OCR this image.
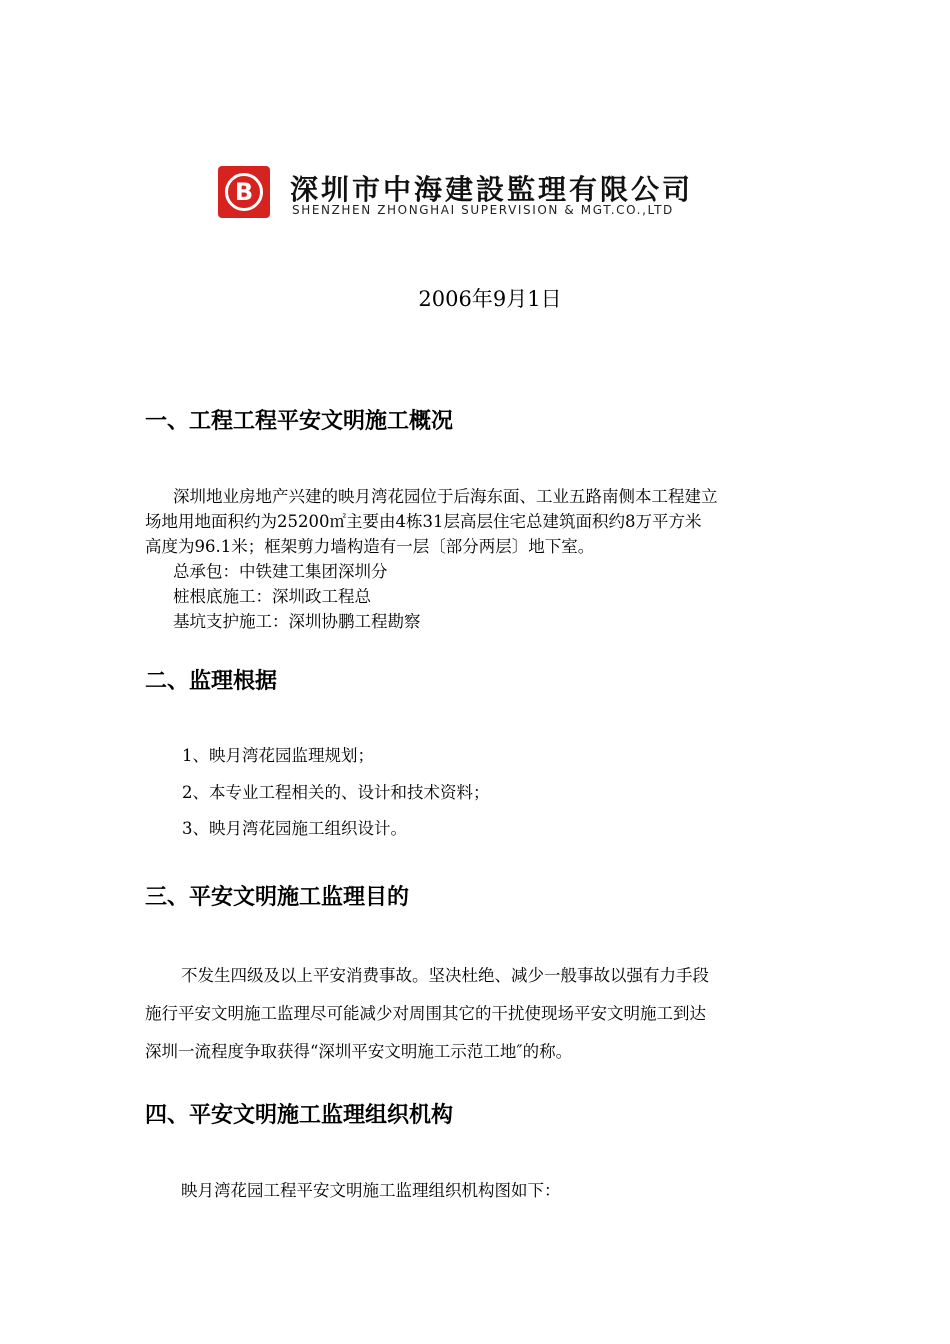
B	深圳市中海建設監理有限公司
SHENZHEN ZHONGHAI SUPERVISION & MGT.CO.,LTD
2006年9月1日
一、工程工程平安文明施工概况
深圳地业房地产兴建的映月湾花园位于后海东面、工业五路南侧本工程建立
场地用地面积约为25200㎡主要由4栋31层高层住宅总建筑面积约8万平方米
高度为96.1米；框架剪力墙构造有一层〔部分两层〕地下室。
总承包：中铁建工集团深圳分
桩根底施工：深圳政工程总
基坑支护施工：深圳协鹏工程勘察
二、监理根据
1、映月湾花园监理规划；
2、本专业工程相关的、设计和技术资料；
3、映月湾花园施工组织设计。
三、平安文明施工监理目的
不发生四级及以上平安消费事故。坚决杜绝、减少一般事故以强有力手段
施行平安文明施工监理尽可能减少对周围其它的干扰使现场平安文明施工到达
深圳一流程度争取获得“深圳平安文明施工示范工地″的称。
四、平安文明施工监理组织机构
映月湾花园工程平安文明施工监理组织机构图如下：
